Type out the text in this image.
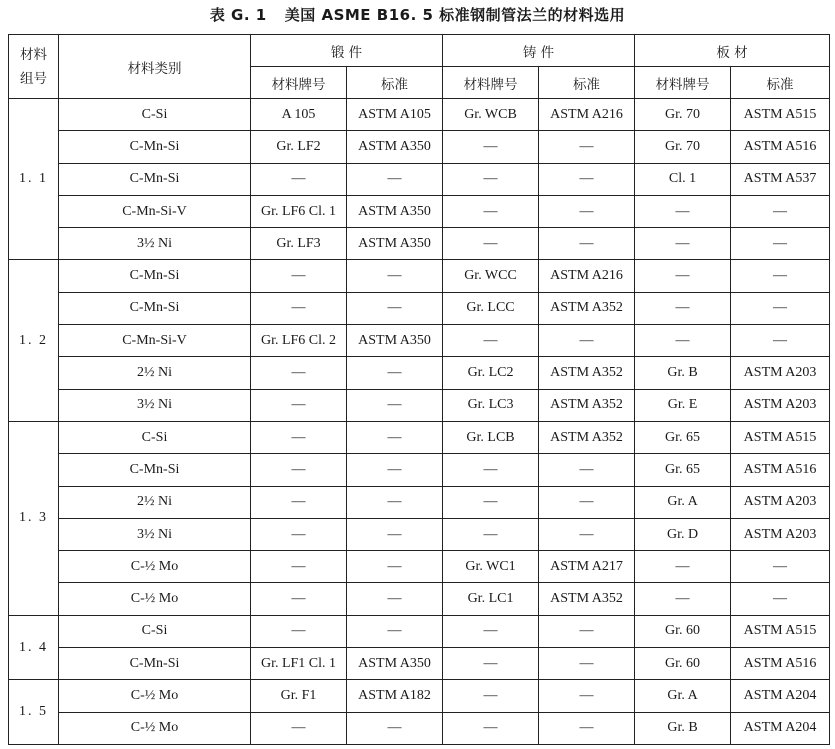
表 G. 1 美国 ASME B16. 5 标准钢制管法兰的材料选用
材料组号	材料类别	锻 件		铸 件		板 材	
		材料牌号	标准	材料牌号	标准	材料牌号	标准
1. 1	C-Si	A 105	ASTM A105	Gr. WCB	ASTM A216	Gr. 70	ASTM A515
	C-Mn-Si	Gr. LF2	ASTM A350	—	—	Gr. 70	ASTM A516
	C-Mn-Si	—	—	—	—	Cl. 1	ASTM A537
	C-Mn-Si-V	Gr. LF6 Cl. 1	ASTM A350	—	—	—	—
	3½ Ni	Gr. LF3	ASTM A350	—	—	—	—
1. 2	C-Mn-Si	—	—	Gr. WCC	ASTM A216	—	—
	C-Mn-Si	—	—	Gr. LCC	ASTM A352	—	—
	C-Mn-Si-V	Gr. LF6 Cl. 2	ASTM A350	—	—	—	—
	2½ Ni	—	—	Gr. LC2	ASTM A352	Gr. B	ASTM A203
	3½ Ni	—	—	Gr. LC3	ASTM A352	Gr. E	ASTM A203
1. 3	C-Si	—	—	Gr. LCB	ASTM A352	Gr. 65	ASTM A515
	C-Mn-Si	—	—	—	—	Gr. 65	ASTM A516
	2½ Ni	—	—	—	—	Gr. A	ASTM A203
	3½ Ni	—	—	—	—	Gr. D	ASTM A203
	C-½ Mo	—	—	Gr. WC1	ASTM A217	—	—
	C-½ Mo	—	—	Gr. LC1	ASTM A352	—	—
1. 4	C-Si	—	—	—	—	Gr. 60	ASTM A515
	C-Mn-Si	Gr. LF1 Cl. 1	ASTM A350	—	—	Gr. 60	ASTM A516
1. 5	C-½ Mo	Gr. F1	ASTM A182	—	—	Gr. A	ASTM A204
	C-½ Mo	—	—	—	—	Gr. B	ASTM A204
